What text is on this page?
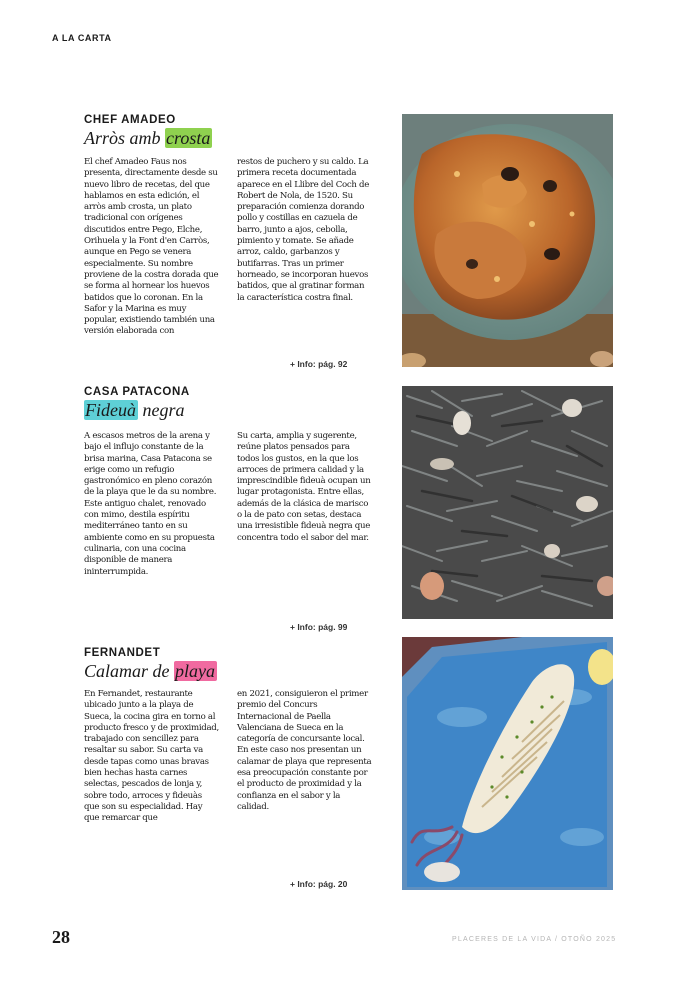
A LA CARTA

CHEF AMADEO

Arròs amb crosta

El chef Amadeo Faus nos presenta, directamente desde su nuevo libro de recetas, del que hablamos en esta edición, el arròs amb crosta, un plato tradicional con orígenes discutidos entre Pego, Elche, Orihuela y la Font d'en Carròs, aunque en Pego se venera especialmente. Su nombre proviene de la costra dorada que se forma al hornear los huevos batidos que lo coronan. En la Safor y la Marina es muy popular, existiendo también una versión elaborada con

restos de puchero y su caldo. La primera receta documentada aparece en el Llibre del Coch de Robert de Nola, de 1520. Su preparación comienza dorando pollo y costillas en cazuela de barro, junto a ajos, cebolla, pimiento y tomate. Se añade arroz, caldo, garbanzos y butifarras. Tras un primer horneado, se incorporan huevos batidos, que al gratinar forman la característica costra final.

+ Info: pág. 92

CASA PATACONA

Fideuà negra

A escasos metros de la arena y bajo el influjo constante de la brisa marina, Casa Patacona se erige como un refugio gastronómico en pleno corazón de la playa que le da su nombre. Este antiguo chalet, renovado con mimo, destila espíritu mediterráneo tanto en su ambiente como en su propuesta culinaria, con una cocina disponible de manera ininterrumpida.

Su carta, amplia y sugerente, reúne platos pensados para todos los gustos, en la que los arroces de primera calidad y la imprescindible fideuà ocupan un lugar protagonista. Entre ellas, además de la clásica de marisco o la de pato con setas, destaca una irresistible fideuà negra que concentra todo el sabor del mar.

+ Info: pág. 99

FERNANDET

Calamar de playa

En Fernandet, restaurante ubicado junto a la playa de Sueca, la cocina gira en torno al producto fresco y de proximidad, trabajado con sencillez para resaltar su sabor. Su carta va desde tapas como unas bravas bien hechas hasta carnes selectas, pescados de lonja y, sobre todo, arroces y fideuàs que son su especialidad. Hay que remarcar que

en 2021, consiguieron el primer premio del Concurs Internacional de Paella Valenciana de Sueca en la categoría de concursante local. En este caso nos presentan un calamar de playa que representa esa preocupación constante por el producto de proximidad y la confianza en el sabor y la calidad.

+ Info: pág. 20
28	PLACERES DE LA VIDA / OTOÑO 2025
